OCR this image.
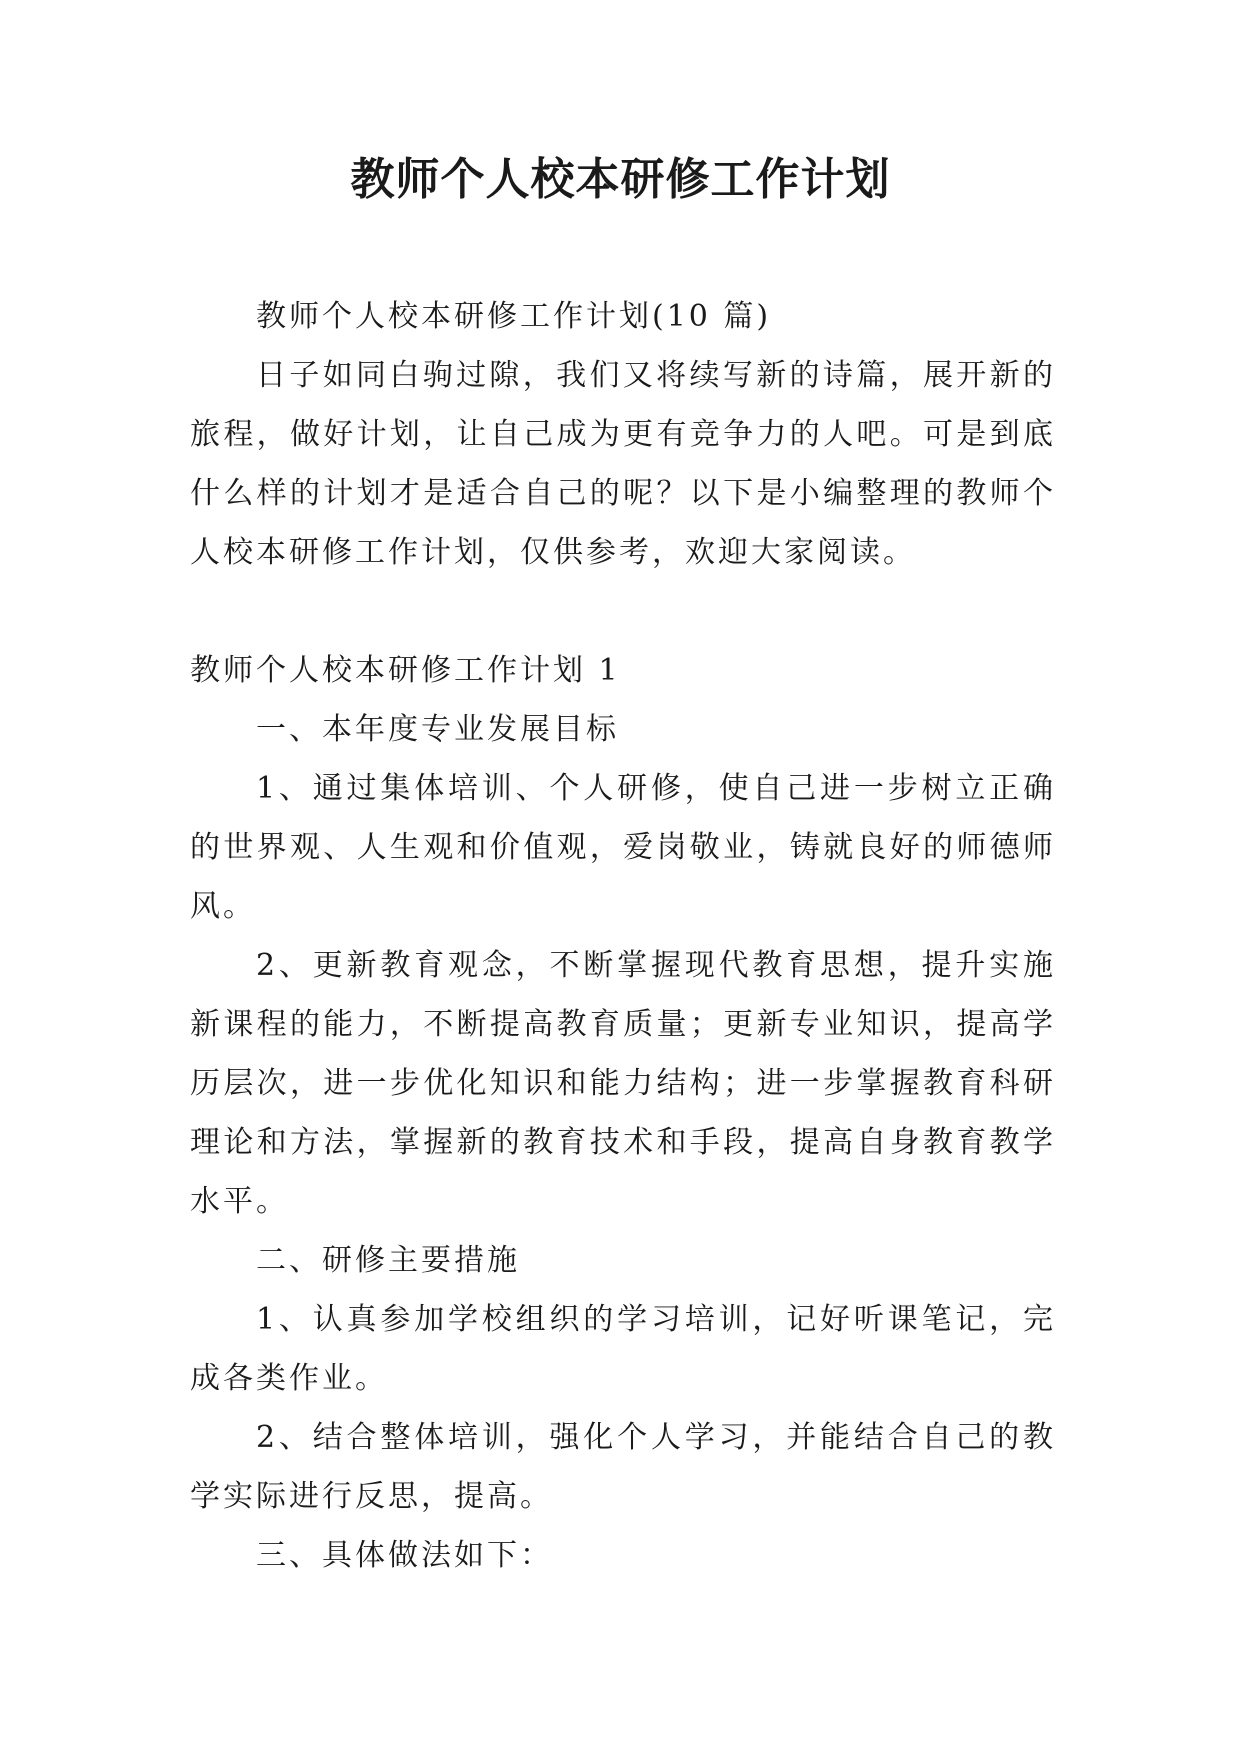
教师个人校本研修工作计划

教师个人校本研修工作计划(10 篇)

日子如同白驹过隙，我们又将续写新的诗篇，展开新的旅程，做好计划，让自己成为更有竞争力的人吧。可是到底什么样的计划才是适合自己的呢？以下是小编整理的教师个人校本研修工作计划，仅供参考，欢迎大家阅读。

教师个人校本研修工作计划 1

一、本年度专业发展目标

1、通过集体培训、个人研修，使自己进一步树立正确的世界观、人生观和价值观，爱岗敬业，铸就良好的师德师风。

2、更新教育观念，不断掌握现代教育思想，提升实施新课程的能力，不断提高教育质量；更新专业知识，提高学历层次，进一步优化知识和能力结构；进一步掌握教育科研理论和方法，掌握新的教育技术和手段，提高自身教育教学水平。

二、研修主要措施

1、认真参加学校组织的学习培训，记好听课笔记，完成各类作业。

2、结合整体培训，强化个人学习，并能结合自己的教学实际进行反思，提高。

三、具体做法如下：
